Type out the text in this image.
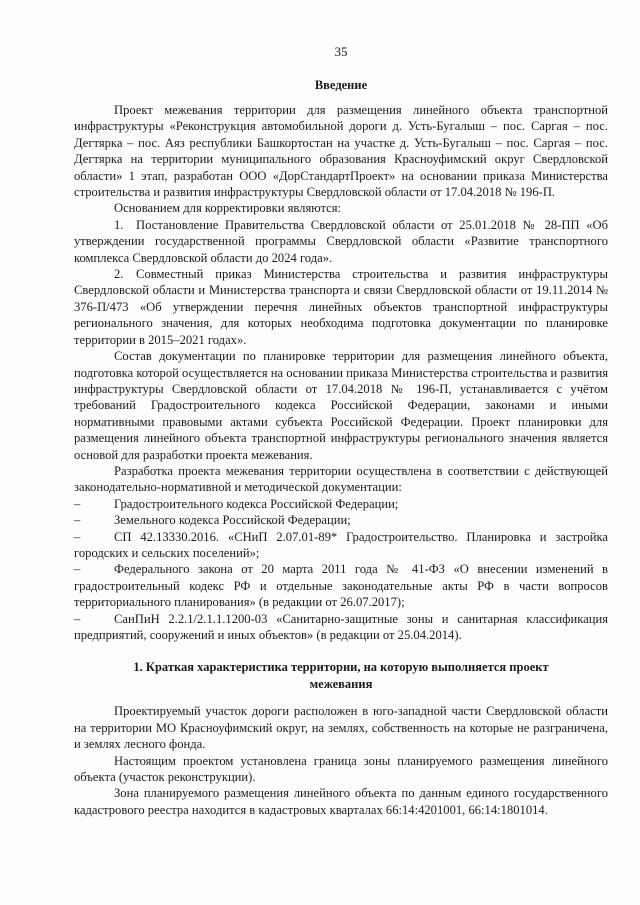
35
Введение

Проект межевания территории для размещения линейного объекта транспортной инфраструктуры «Реконструкция автомобильной дороги д. Усть-Бугалыш – пос. Саргая – пос. Дегтярка – пос. Аяз республики Башкортостан на участке д. Усть-Бугалыш – пос. Саргая – пос. Дегтярка на территории муниципального образования Красноуфимский округ Свердловской области» 1 этап, разработан ООО «ДорСтандартПроект» на основании приказа Министерства строительства и развития инфраструктуры Свердловской области от 17.04.2018 № 196-П.

Основанием для корректировки являются:

1. Постановление Правительства Свердловской области от 25.01.2018 № 28-ПП «Об утверждении государственной программы Свердловской области «Развитие транспортного комплекса Свердловской области до 2024 года».

2. Совместный приказ Министерства строительства и развития инфраструктуры Свердловской области и Министерства транспорта и связи Свердловской области от 19.11.2014 № 376-П/473 «Об утверждении перечня линейных объектов транспортной инфраструктуры регионального значения, для которых необходима подготовка документации по планировке территории в 2015–2021 годах».

Состав документации по планировке территории для размещения линейного объекта, подготовка которой осуществляется на основании приказа Министерства строительства и развития инфраструктуры Свердловской области от 17.04.2018 № 196-П, устанавливается с учётом требований Градостроительного кодекса Российской Федерации, законами и иными нормативными правовыми актами субъекта Российской Федерации. Проект планировки для размещения линейного объекта транспортной инфраструктуры регионального значения является основой для разработки проекта межевания.

Разработка проекта межевания территории осуществлена в соответствии с действующей законодательно-нормативной и методической документации:

–	Градостроительного кодекса Российской Федерации;

–	Земельного кодекса Российской Федерации;

–	СП 42.13330.2016. «СНиП 2.07.01-89* Градостроительство. Планировка и застройка городских и сельских поселений»;

–	Федерального закона от 20 марта 2011 года № 41-ФЗ «О внесении изменений в градостроительный кодекс РФ и отдельные законодательные акты РФ в части вопросов территориального планирования» (в редакции от 26.07.2017);

–	СанПиН 2.2.1/2.1.1.1200-03 «Санитарно-защитные зоны и санитарная классификация предприятий, сооружений и иных объектов» (в редакции от 25.04.2014).

1. Краткая характеристика территории, на которую выполняется проект межевания

Проектируемый участок дороги расположен в юго-западной части Свердловской области на территории МО Красноуфимский округ, на землях, собственность на которые не разграничена, и землях лесного фонда.

Настоящим проектом установлена граница зоны планируемого размещения линейного объекта (участок реконструкции).

Зона планируемого размещения линейного объекта по данным единого государственного кадастрового реестра находится в кадастровых кварталах 66:14:4201001, 66:14:1801014.
